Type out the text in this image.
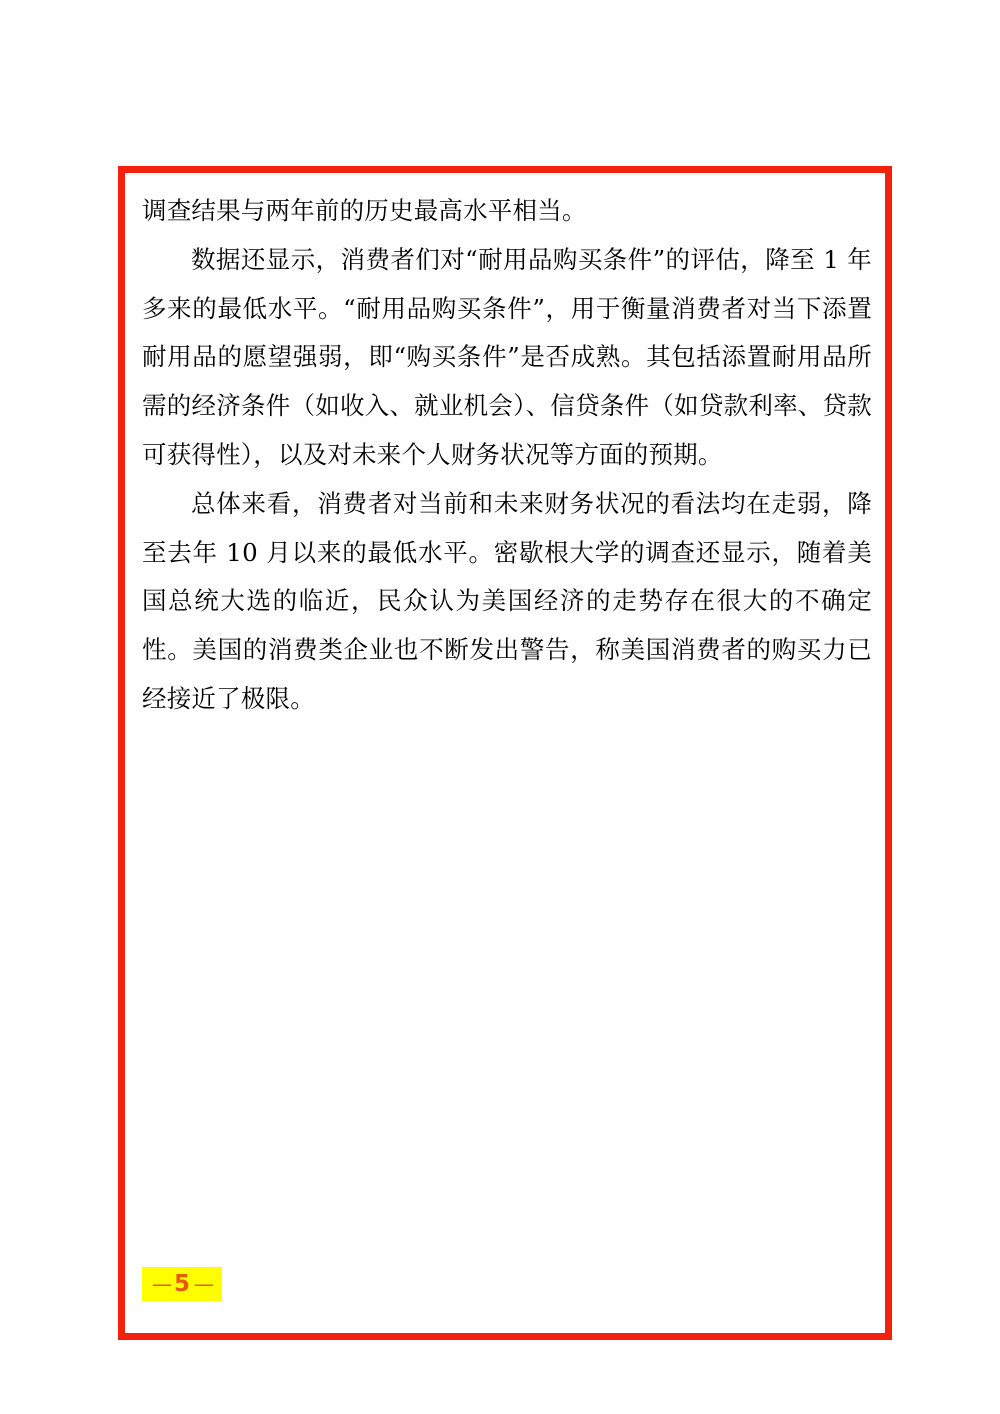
调查结果与两年前的历史最高水平相当。

数据还显示，消费者们对“耐用品购买条件”的评估，降至 1 年多来的最低水平。“耐用品购买条件”，用于衡量消费者对当下添置耐用品的愿望强弱，即“购买条件”是否成熟。其包括添置耐用品所需的经济条件（如收入、就业机会）、信贷条件（如贷款利率、贷款可获得性），以及对未来个人财务状况等方面的预期。

总体来看，消费者对当前和未来财务状况的看法均在走弱，降至去年 10 月以来的最低水平。密歇根大学的调查还显示，随着美国总统大选的临近，民众认为美国经济的走势存在很大的不确定性。美国的消费类企业也不断发出警告，称美国消费者的购买力已经接近了极限。

— 5 —
